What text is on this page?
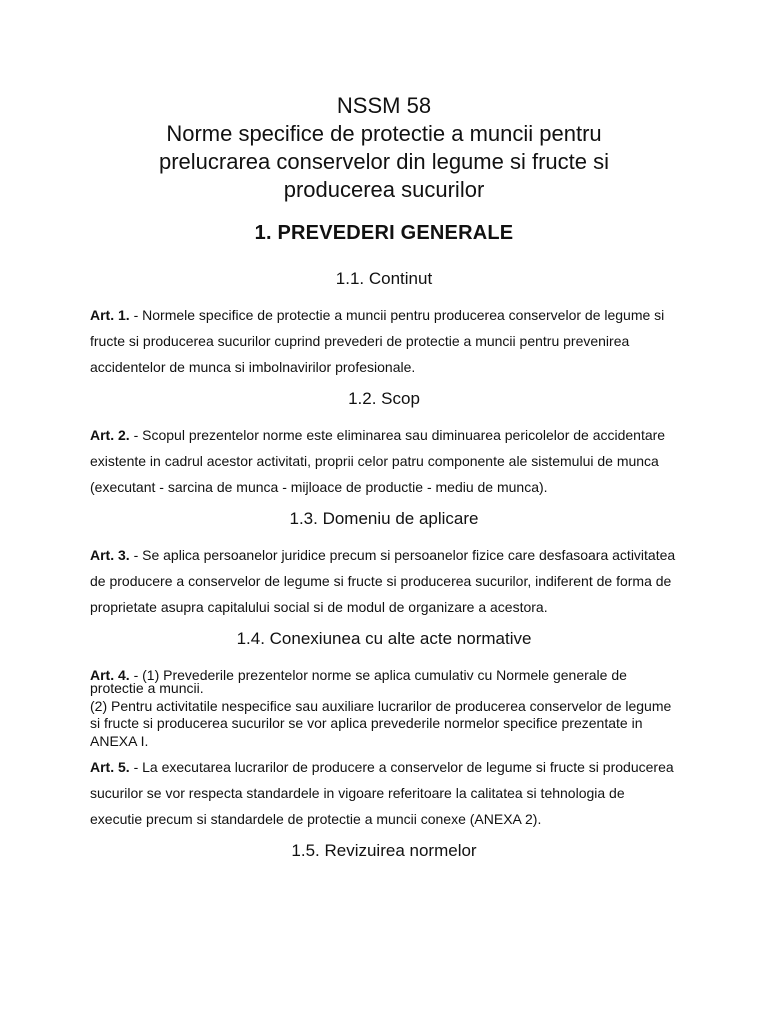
NSSM 58
Norme specifice de protectie a muncii pentru
prelucrarea conservelor din legume si fructe si
producerea sucurilor
1. PREVEDERI GENERALE
1.1. Continut

Art. 1. - Normele specifice de protectie a muncii pentru producerea conservelor de legume si fructe si producerea sucurilor cuprind prevederi de protectie a muncii pentru prevenirea accidentelor de munca si imbolnavirilor profesionale.

1.2. Scop

Art. 2. - Scopul prezentelor norme este eliminarea sau diminuarea pericolelor de accidentare existente in cadrul acestor activitati, proprii celor patru componente ale sistemului de munca (executant - sarcina de munca - mijloace de productie - mediu de munca).

1.3. Domeniu de aplicare

Art. 3. - Se aplica persoanelor juridice precum si persoanelor fizice care desfasoara activitatea de producere a conservelor de legume si fructe si producerea sucurilor, indiferent de forma de proprietate asupra capitalului social si de modul de organizare a acestora.

1.4. Conexiunea cu alte acte normative
Art. 4. - (1) Prevederile prezentelor norme se aplica cumulativ cu Normele generale de
protectie a muncii.
(2) Pentru activitatile nespecifice sau auxiliare lucrarilor de producerea conservelor de legume si fructe si producerea sucurilor se vor aplica prevederile normelor specifice prezentate in ANEXA I.

Art. 5. - La executarea lucrarilor de producere a conservelor de legume si fructe si producerea sucurilor se vor respecta standardele in vigoare referitoare la calitatea si tehnologia de executie precum si standardele de protectie a muncii conexe (ANEXA 2).

1.5. Revizuirea normelor
